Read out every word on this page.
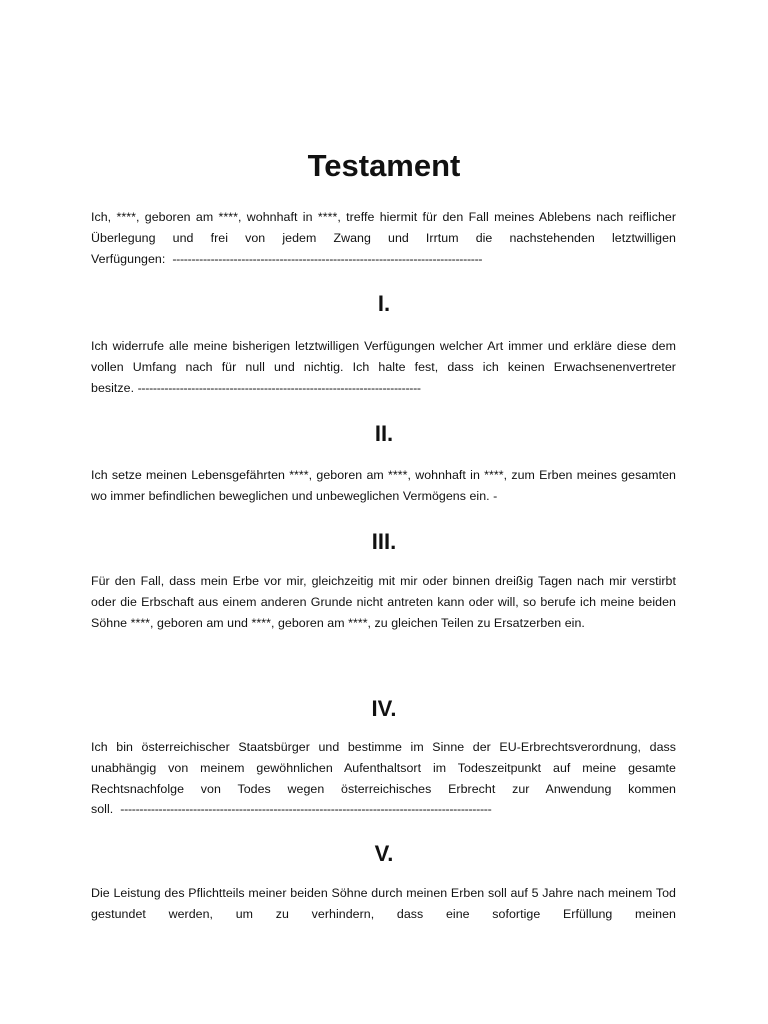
Testament

Ich, ****, geboren am ****, wohnhaft in ****, treffe hiermit für den Fall meines Ablebens nach reiflicher Überlegung und frei von jedem Zwang und Irrtum die nachstehenden letztwilligen Verfügungen: ---------------------------------------------------------------------------------

I.

Ich widerrufe alle meine bisherigen letztwilligen Verfügungen welcher Art immer und erkläre diese dem vollen Umfang nach für null und nichtig. Ich halte fest, dass ich keinen Erwachsenenvertreter besitze. --------------------------------------------------------------------------

II.

Ich setze meinen Lebensgefährten ****, geboren am ****, wohnhaft in ****, zum Erben meines gesamten wo immer befindlichen beweglichen und unbeweglichen Vermögens ein. -

III.

Für den Fall, dass mein Erbe vor mir, gleichzeitig mit mir oder binnen dreißig Tagen nach mir verstirbt oder die Erbschaft aus einem anderen Grunde nicht antreten kann oder will, so berufe ich meine beiden Söhne ****, geboren am und ****, geboren am ****, zu gleichen Teilen zu Ersatzerben ein.

IV.

Ich bin österreichischer Staatsbürger und bestimme im Sinne der EU-Erbrechtsverordnung, dass unabhängig von meinem gewöhnlichen Aufenthaltsort im Todeszeitpunkt auf meine gesamte Rechtsnachfolge von Todes wegen österreichisches Erbrecht zur Anwendung kommen soll. -------------------------------------------------------------------------------------------------

V.

Die Leistung des Pflichtteils meiner beiden Söhne durch meinen Erben soll auf 5 Jahre nach meinem Tod gestundet werden, um zu verhindern, dass eine sofortige Erfüllung meinen
